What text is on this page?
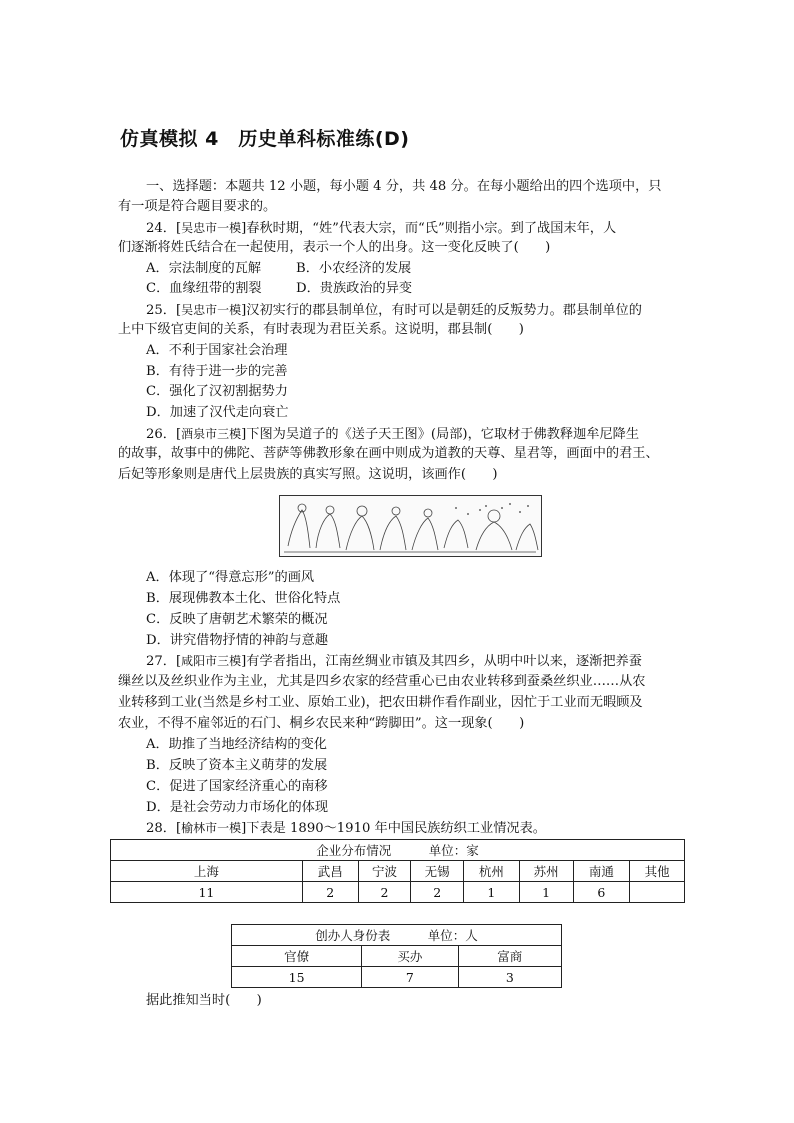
仿真模拟 4　历史单科标准练(D)
一、选择题：本题共 12 小题，每小题 4 分，共 48 分。在每小题给出的四个选项中，只
有一项是符合题目要求的。
24．[吴忠市一模]春秋时期，“姓”代表大宗，而“氏”则指小宗。到了战国末年，人
们逐渐将姓氏结合在一起使用，表示一个人的出身。这一变化反映了(　　)
A．宗法制度的瓦解	B．小农经济的发展
C．血缘纽带的割裂	D．贵族政治的异变
25．[吴忠市一模]汉初实行的郡县制单位，有时可以是朝廷的反叛势力。郡县制单位的
上中下级官吏间的关系，有时表现为君臣关系。这说明，郡县制(　　)
A．不利于国家社会治理
B．有待于进一步的完善
C．强化了汉初割据势力
D．加速了汉代走向衰亡
26．[酒泉市三模]下图为吴道子的《送子天王图》(局部)，它取材于佛教释迦牟尼降生
的故事，故事中的佛陀、菩萨等佛教形象在画中则成为道教的天尊、星君等，画面中的君王、
后妃等形象则是唐代上层贵族的真实写照。这说明，该画作(　　)
A．体现了“得意忘形”的画风
B．展现佛教本土化、世俗化特点
C．反映了唐朝艺术繁荣的概况
D．讲究借物抒情的神韵与意趣
27．[咸阳市三模]有学者指出，江南丝绸业市镇及其四乡，从明中叶以来，逐渐把养蚕
缫丝以及丝织业作为主业，尤其是四乡农家的经营重心已由农业转移到蚕桑丝织业……从农
业转移到工业(当然是乡村工业、原始工业)，把农田耕作看作副业，因忙于工业而无暇顾及
农业，不得不雇邻近的石门、桐乡农民来种“跨脚田”。这一现象(　　)
A．助推了当地经济结构的变化
B．反映了资本主义萌芽的发展
C．促进了国家经济重心的南移
D．是社会劳动力市场化的体现
28．[榆林市一模]下表是 1890～1910 年中国民族纺织工业情况表。
企业分布情况　　　单位：家							
上海	武昌	宁波	无锡	杭州	苏州	南通	其他
11	2	2	2	1	1	6	
创办人身份表　　　单位：人		
官僚	买办	富商
15	7	3
据此推知当时(　　)
